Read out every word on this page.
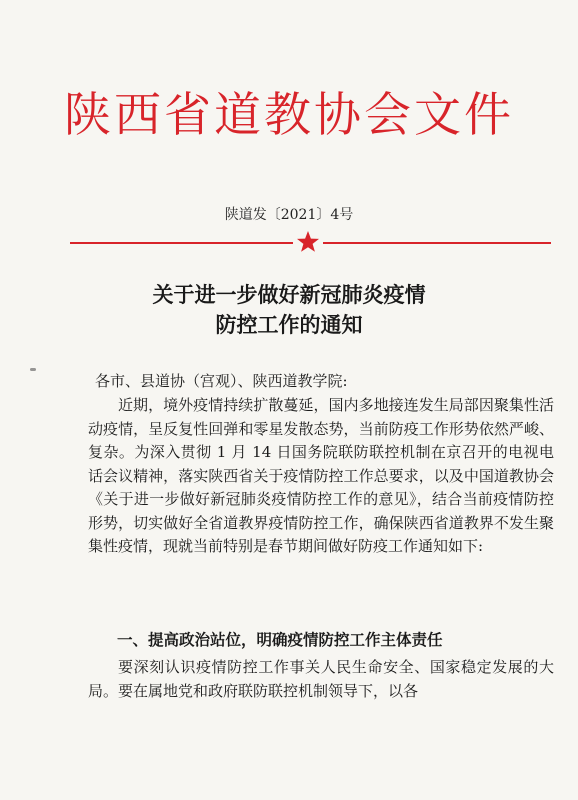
陕西省道教协会文件
陕道发〔2021〕4号
关于进一步做好新冠肺炎疫情
防控工作的通知
各市、县道协（宫观）、陕西道教学院:

近期，境外疫情持续扩散蔓延，国内多地接连发生局部因聚集性活动疫情，呈反复性回弹和零星发散态势，当前防疫工作形势依然严峻、复杂。为深入贯彻 1 月 14 日国务院联防联控机制在京召开的电视电话会议精神，落实陕西省关于疫情防控工作总要求，以及中国道教协会《关于进一步做好新冠肺炎疫情防控工作的意见》，结合当前疫情防控形势，切实做好全省道教界疫情防控工作，确保陕西省道教界不发生聚集性疫情，现就当前特别是春节期间做好防疫工作通知如下:

一、提高政治站位，明确疫情防控工作主体责任
要深刻认识疫情防控工作事关人民生命安全、国家稳定发展的大局。要在属地党和政府联防联控机制领导下，以各
